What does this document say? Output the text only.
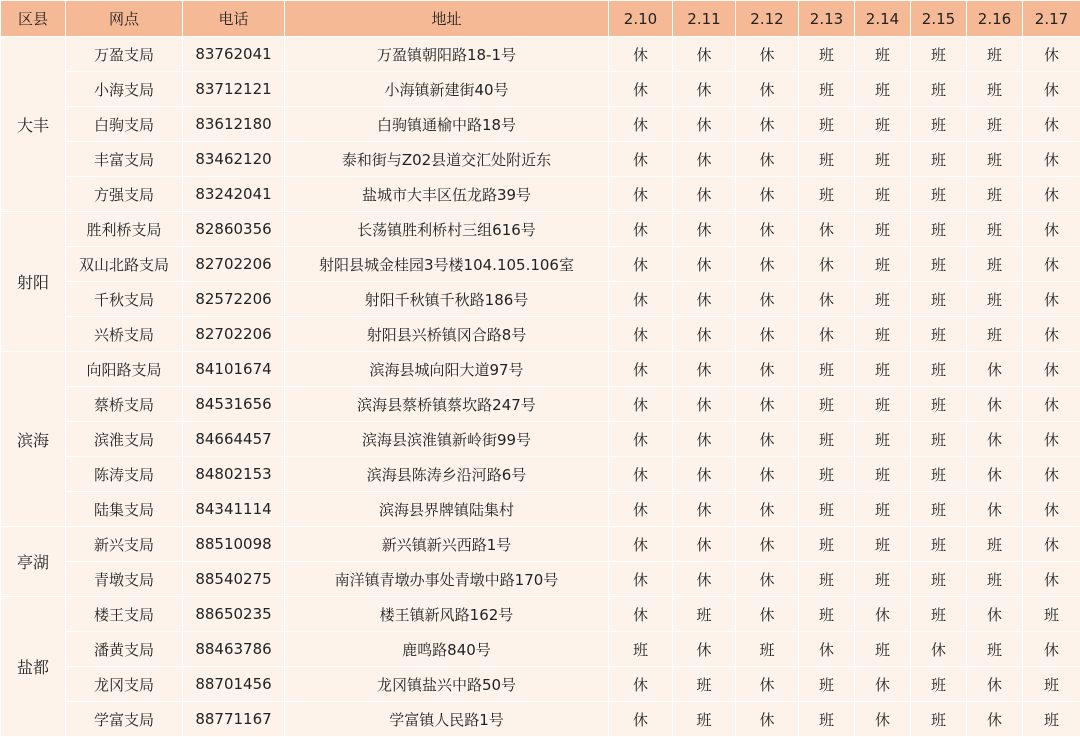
区县	网点	电话	地址	2.10	2.11	2.12	2.13	2.14	2.15	2.16	2.17
大丰	万盈支局	83762041	万盈镇朝阳路18-1号	休	休	休	班	班	班	班	休
	小海支局	83712121	小海镇新建街40号	休	休	休	班	班	班	班	休
	白驹支局	83612180	白驹镇通榆中路18号	休	休	休	班	班	班	班	休
	丰富支局	83462120	泰和街与Z02县道交汇处附近东	休	休	休	班	班	班	班	休
	方强支局	83242041	盐城市大丰区伍龙路39号	休	休	休	班	班	班	班	休
射阳	胜利桥支局	82860356	长荡镇胜利桥村三组616号	休	休	休	休	班	班	班	休
	双山北路支局	82702206	射阳县城金桂园3号楼104.105.106室	休	休	休	休	班	班	班	休
	千秋支局	82572206	射阳千秋镇千秋路186号	休	休	休	休	班	班	班	休
	兴桥支局	82702206	射阳县兴桥镇冈合路8号	休	休	休	休	班	班	班	休
滨海	向阳路支局	84101674	滨海县城向阳大道97号	休	休	休	班	班	班	休	休
	蔡桥支局	84531656	滨海县蔡桥镇蔡坎路247号	休	休	休	班	班	班	休	休
	滨淮支局	84664457	滨海县滨淮镇新岭街99号	休	休	休	班	班	班	休	休
	陈涛支局	84802153	滨海县陈涛乡沿河路6号	休	休	休	班	班	班	休	休
	陆集支局	84341114	滨海县界牌镇陆集村	休	休	休	班	班	班	休	休
亭湖	新兴支局	88510098	新兴镇新兴西路1号	休	休	休	班	班	班	班	休
	青墩支局	88540275	南洋镇青墩办事处青墩中路170号	休	休	休	班	班	班	班	休
盐都	楼王支局	88650235	楼王镇新风路162号	休	班	休	班	休	班	休	班
	潘黄支局	88463786	鹿鸣路840号	班	休	班	休	班	休	班	休
	龙冈支局	88701456	龙冈镇盐兴中路50号	休	班	休	班	休	班	休	班
	学富支局	88771167	学富镇人民路1号	休	班	休	班	休	班	休	班
